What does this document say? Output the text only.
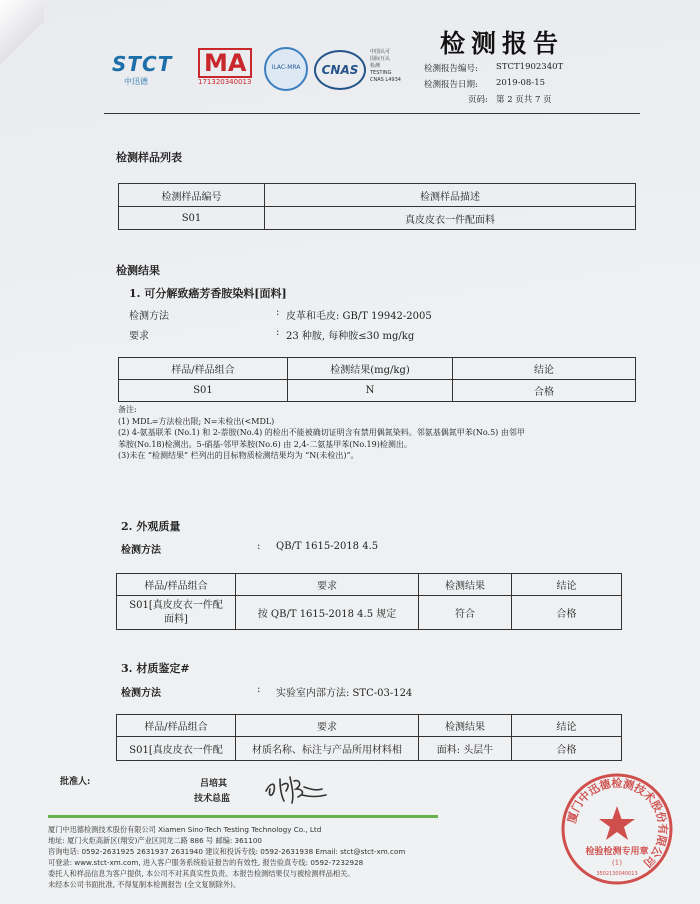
STCT
中迅德
MA
171320340013
ILAC-MRA	CNAS
中国认可
国际互认
检测
TESTING
CNAS L4934
检测报告
检测报告编号: STCT1902340T
检测报告日期: 2019-08-15
页码: 第 2 页共 7 页
检测样品列表
检测样品编号	检测样品描述
S01	真皮皮衣一件配面料
检测结果
1. 可分解致癌芳香胺染料[面料]
检测方法	: 皮革和毛皮: GB/T 19942-2005
要求	: 23 种胺, 每种胺≤30 mg/kg
样品/样品组合	检测结果(mg/kg)	结论
S01	N	合格
备注:
(1) MDL=方法检出限; N=未检出(<MDL)
(2) 4-氨基联苯 (No.1) 和 2-萘胺(No.4) 的检出不能被确切证明含有禁用偶氮染料。邻氨基偶氮甲苯(No.5) 由邻甲
苯胺(No.18)检测出。5-硝基-邻甲苯胺(No.6) 由 2,4-二氨基甲苯(No.19)检测出。
(3)未在 “检测结果” 栏列出的目标物质检测结果均为 “N(未检出)”。
2. 外观质量
检测方法	: QB/T 1615-2018 4.5
样品/样品组合	要求	检测结果	结论

S01[真皮皮衣一件配
面料]	按 QB/T 1615-2018 4.5 规定	符合	合格
3. 材质鉴定#
检测方法	: 实验室内部方法: STC-03-124
样品/样品组合	要求	检测结果	结论
S01[真皮皮衣一件配	材质名称、标注与产品所用材料相	面料: 头层牛	合格
批准人:	吕培其
技术总监
厦门中迅德检测技术股份有限公司 Xiamen Sino-Tech Testing Technology Co., Ltd
地址: 厦门火炬高新区(翔安)产业区同龙二路 886 号 邮编: 361100
咨询电话: 0592-2631925 2631937 2631940 建议和投诉专线: 0592-2631938 Email: stct@stct-xm.com
可登录: www.stct-xm.com, 进入客户服务系统验证报告的有效性, 报告验真专线: 0592-7232928
委托人和样品信息为客户提供, 本公司不对其真实性负责。本报告检测结果仅与被检测样品相关。
未经本公司书面批准, 不得复制本检测报告 (全文复制除外)。
厦门中迅德检测技术股份有限公司
检验检测专用章
(1)
3502130040013
